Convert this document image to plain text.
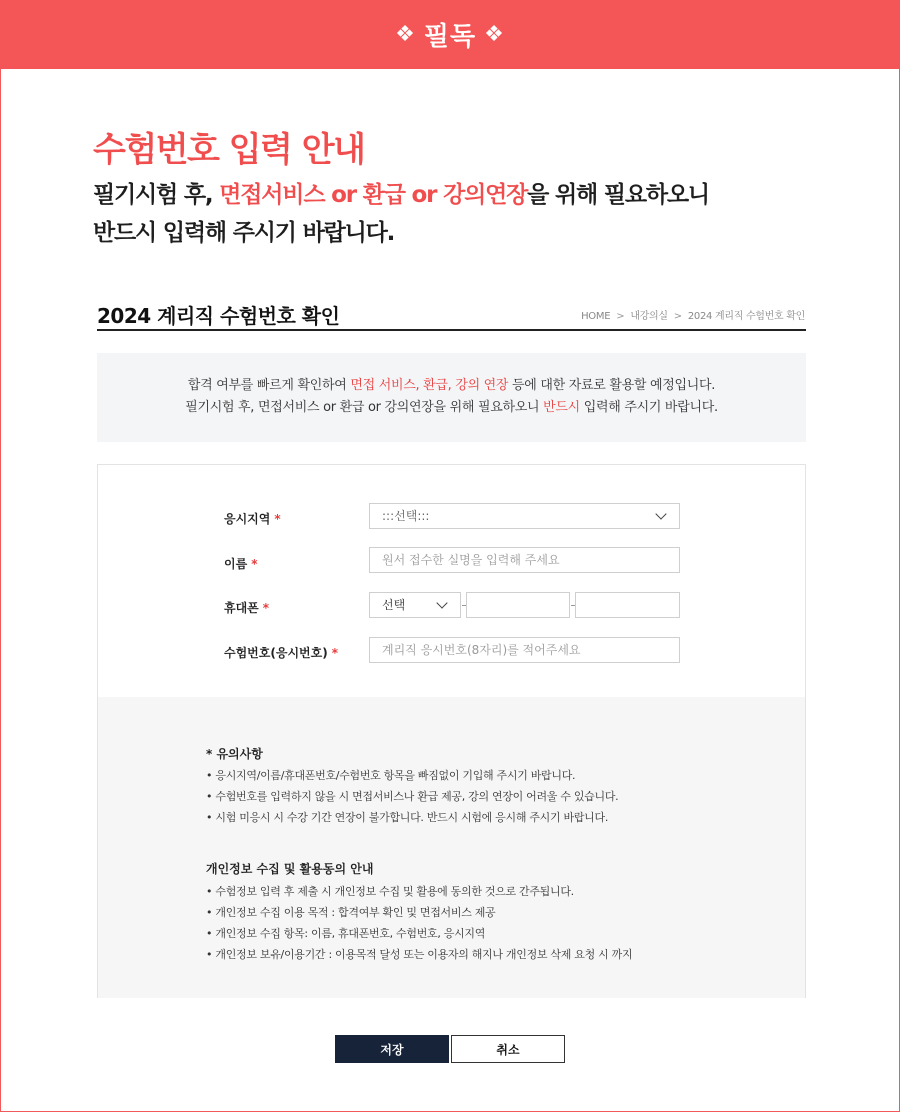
❖ 필독 ❖
수험번호 입력 안내
필기시험 후, 면접서비스 or 환급 or 강의연장을 위해 필요하오니
반드시 입력해 주시기 바랍니다.
2024 계리직 수험번호 확인	HOME > 내강의실 > 2024 계리직 수험번호 확인
합격 여부를 빠르게 확인하여 면접 서비스, 환급, 강의 연장 등에 대한 자료로 활용할 예정입니다.
필기시험 후, 면접서비스 or 환급 or 강의연장을 위해 필요하오니 반드시 입력해 주시기 바랍니다.
응시지역 *	:::선택:::
이름 *	원서 접수한 실명을 입력해 주세요
휴대폰 *	선택
수험번호(응시번호) *	계리직 응시번호(8자리)를 적어주세요
* 유의사항
• 응시지역/이름/휴대폰번호/수험번호 항목을 빠짐없이 기입해 주시기 바랍니다.
• 수험번호를 입력하지 않을 시 면접서비스나 환급 제공, 강의 연장이 어려울 수 있습니다.
• 시험 미응시 시 수강 기간 연장이 불가합니다. 반드시 시험에 응시해 주시기 바랍니다.
개인정보 수집 및 활용동의 안내
• 수험정보 입력 후 제출 시 개인정보 수집 및 활용에 동의한 것으로 간주됩니다.
• 개인정보 수집 이용 목적 : 합격여부 확인 및 면접서비스 제공
• 개인정보 수집 항목: 이름, 휴대폰번호, 수험번호, 응시지역
• 개인정보 보유/이용기간 : 이용목적 달성 또는 이용자의 해지나 개인정보 삭제 요청 시 까지
저장	취소
